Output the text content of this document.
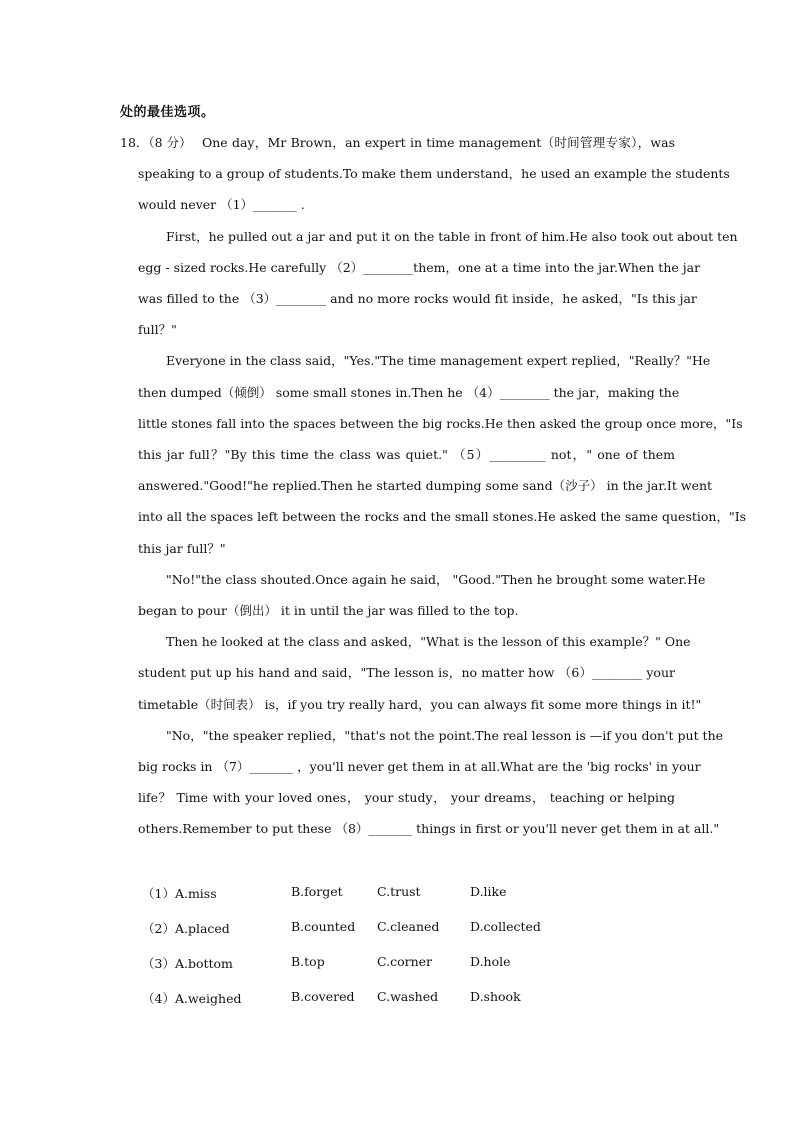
处的最佳选项。
18．（8 分） One day，Mr Brown，an expert in time management（时间管理专家），was
speaking to a group of students.To make them understand，he used an example the students
would never （1）_______ .
First，he pulled out a jar and put it on the table in front of him.He also took out about ten
egg - sized rocks.He carefully （2）________them，one at a time into the jar.When the jar
was filled to the （3）________ and no more rocks would fit inside，he asked，"Is this jar
full？"
Everyone in the class said，"Yes."The time management expert replied，"Really？"He
then dumped（倾倒） some small stones in.Then he （4）________ the jar，making the
little stones fall into the spaces between the big rocks.He then asked the group once more，"Is
this jar full？"By this time the class was quiet." （5）_________ not，" one of them
answered."Good!"he replied.Then he started dumping some sand（沙子） in the jar.It went
into all the spaces left between the rocks and the small stones.He asked the same question，"Is
this jar full？"
"No!"the class shouted.Once again he said， "Good."Then he brought some water.He
began to pour（倒出） it in until the jar was filled to the top.
Then he looked at the class and asked，"What is the lesson of this example？" One
student put up his hand and said，"The lesson is，no matter how （6）________ your
timetable（时间表） is，if you try really hard，you can always fit some more things in it!"
"No，"the speaker replied，"that's not the point.The real lesson is —if you don't put the
big rocks in （7）_______ ，you'll never get them in at all.What are the 'big rocks' in your
life？ Time with your loved ones， your study， your dreams， teaching or helping
others.Remember to put these （8）_______ things in first or you'll never get them in at all."
（1）A.miss	B.forget	C.trust	D.like
（2）A.placed	B.counted C.cleaned D.collected
（3）A.bottom	B.top	C.corner	D.hole
（4）A.weighed	B.covered C.washed	D.shook
